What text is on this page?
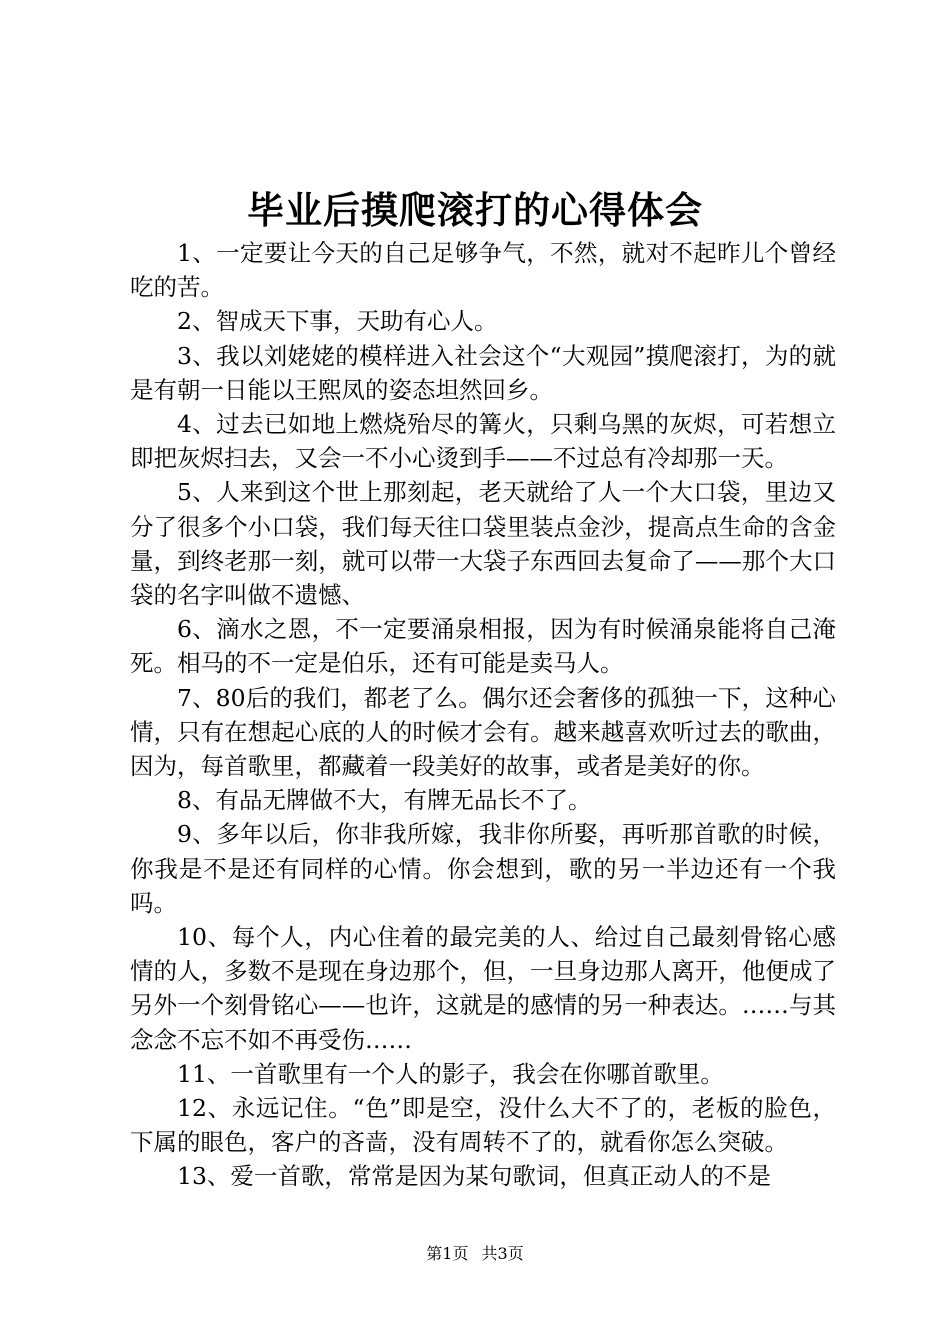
毕业后摸爬滚打的心得体会

1、一定要让今天的自己足够争气，不然，就对不起昨儿个曾经吃的苦。

2、智成天下事，天助有心人。

3、我以刘姥姥的模样进入社会这个“大观园”摸爬滚打，为的就是有朝一日能以王熙凤的姿态坦然回乡。

4、过去已如地上燃烧殆尽的篝火，只剩乌黑的灰烬，可若想立即把灰烬扫去，又会一不小心烫到手——不过总有冷却那一天。

5、人来到这个世上那刻起，老天就给了人一个大口袋，里边又分了很多个小口袋，我们每天往口袋里装点金沙，提高点生命的含金量，到终老那一刻，就可以带一大袋子东西回去复命了——那个大口袋的名字叫做不遗憾、

6、滴水之恩，不一定要涌泉相报，因为有时候涌泉能将自己淹死。相马的不一定是伯乐，还有可能是卖马人。

7、80后的我们，都老了么。偶尔还会奢侈的孤独一下，这种心情，只有在想起心底的人的时候才会有。越来越喜欢听过去的歌曲，因为，每首歌里，都藏着一段美好的故事，或者是美好的你。

8、有品无牌做不大，有牌无品长不了。

9、多年以后，你非我所嫁，我非你所娶，再听那首歌的时候，你我是不是还有同样的心情。你会想到，歌的另一半边还有一个我吗。

10、每个人，内心住着的最完美的人、给过自己最刻骨铭心感情的人，多数不是现在身边那个，但，一旦身边那人离开，他便成了另外一个刻骨铭心——也许，这就是的感情的另一种表达。……与其念念不忘不如不再受伤……

11、一首歌里有一个人的影子，我会在你哪首歌里。

12、永远记住。“色”即是空，没什么大不了的，老板的脸色，下属的眼色，客户的吝啬，没有周转不了的，就看你怎么突破。

13、爱一首歌，常常是因为某句歌词，但真正动人的不是

第1页 共3页
